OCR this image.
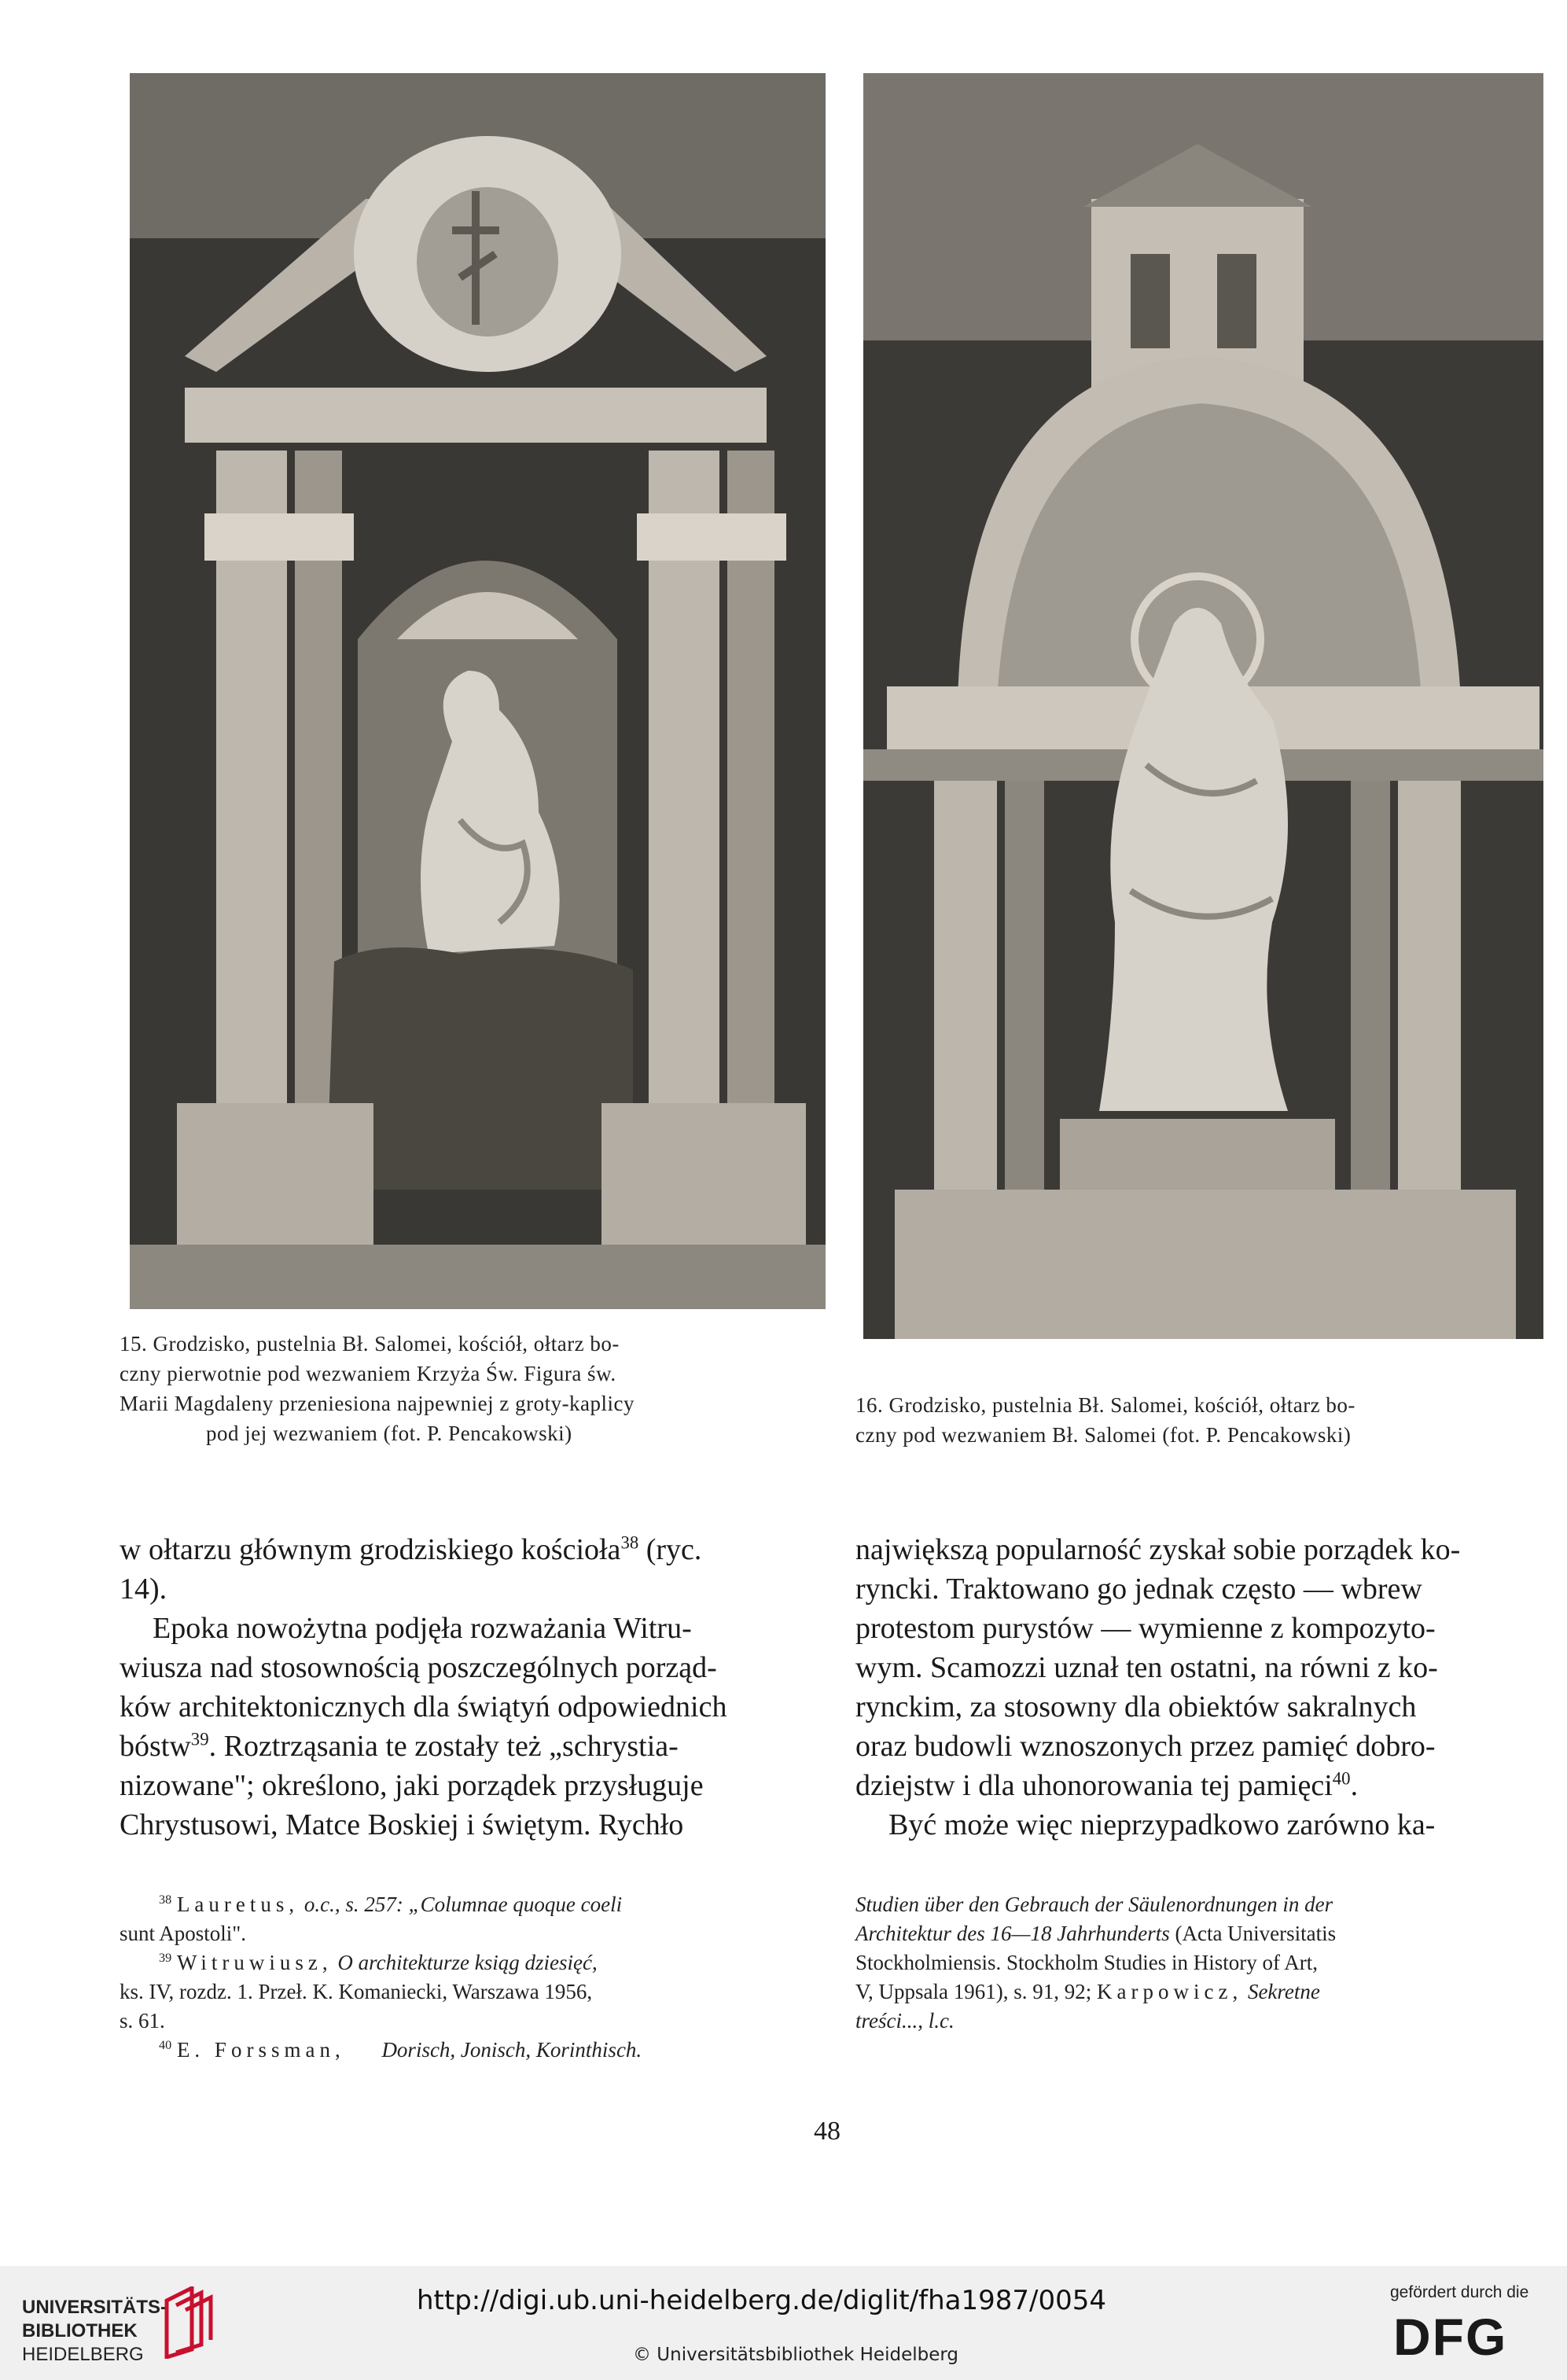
15. Grodzisko, pustelnia Bł. Salomei, kościół, ołtarz bo-
czny pierwotnie pod wezwaniem Krzyża Św. Figura św.
Marii Magdaleny przeniesiona najpewniej z groty-kaplicy
pod jej wezwaniem (fot. P. Pencakowski)
16. Grodzisko, pustelnia Bł. Salomei, kościół, ołtarz bo-
czny pod wezwaniem Bł. Salomei (fot. P. Pencakowski)
w ołtarzu głównym grodziskiego kościoła$^{38}$ (ryc.
14).
Epoka nowożytna podjęła rozważania Witru-
wiusza nad stosownością poszczególnych porząd-
ków architektonicznych dla świątyń odpowiednich
bóstw$^{39}$. Roztrząsania te zostały też „schrystia-
nizowane"; określono, jaki porządek przysługuje
Chrystusowi, Matce Boskiej i świętym. Rychło
największą popularność zyskał sobie porządek ko-
ryncki. Traktowano go jednak często — wbrew
protestom purystów — wymienne z kompozyto-
wym. Scamozzi uznał ten ostatni, na równi z ko-
rynckim, za stosowny dla obiektów sakralnych
oraz budowli wznoszonych przez pamięć dobro-
dziejstw i dla uhonorowania tej pamięci$^{40}$.
Być może więc nieprzypadkowo zarówno ka-
$^{38}$ Lauretus, o.c., s. 257: „Columnae quoque coeli
sunt Apostoli".
$^{39}$ Witruwiusz, O architekturze ksiąg dziesięć,
ks. IV, rozdz. 1. Przeł. K. Komaniecki, Warszawa 1956,
s. 61.
$^{40}$ E. Forssman, Dorisch, Jonisch, Korinthisch.
Studien über den Gebrauch der Säulenordnungen in der
Architektur des 16—18 Jahrhunderts (Acta Universitatis
Stockholmiensis. Stockholm Studies in History of Art,
V, Uppsala 1961), s. 91, 92; Karpowicz, Sekretne
treści..., l.c.
48
UNIVERSITÄTS-
BIBLIOTHEK
HEIDELBERG
http://digi.ub.uni-heidelberg.de/diglit/fha1987/0054
© Universitätsbibliothek Heidelberg
gefördert durch die
DFG
